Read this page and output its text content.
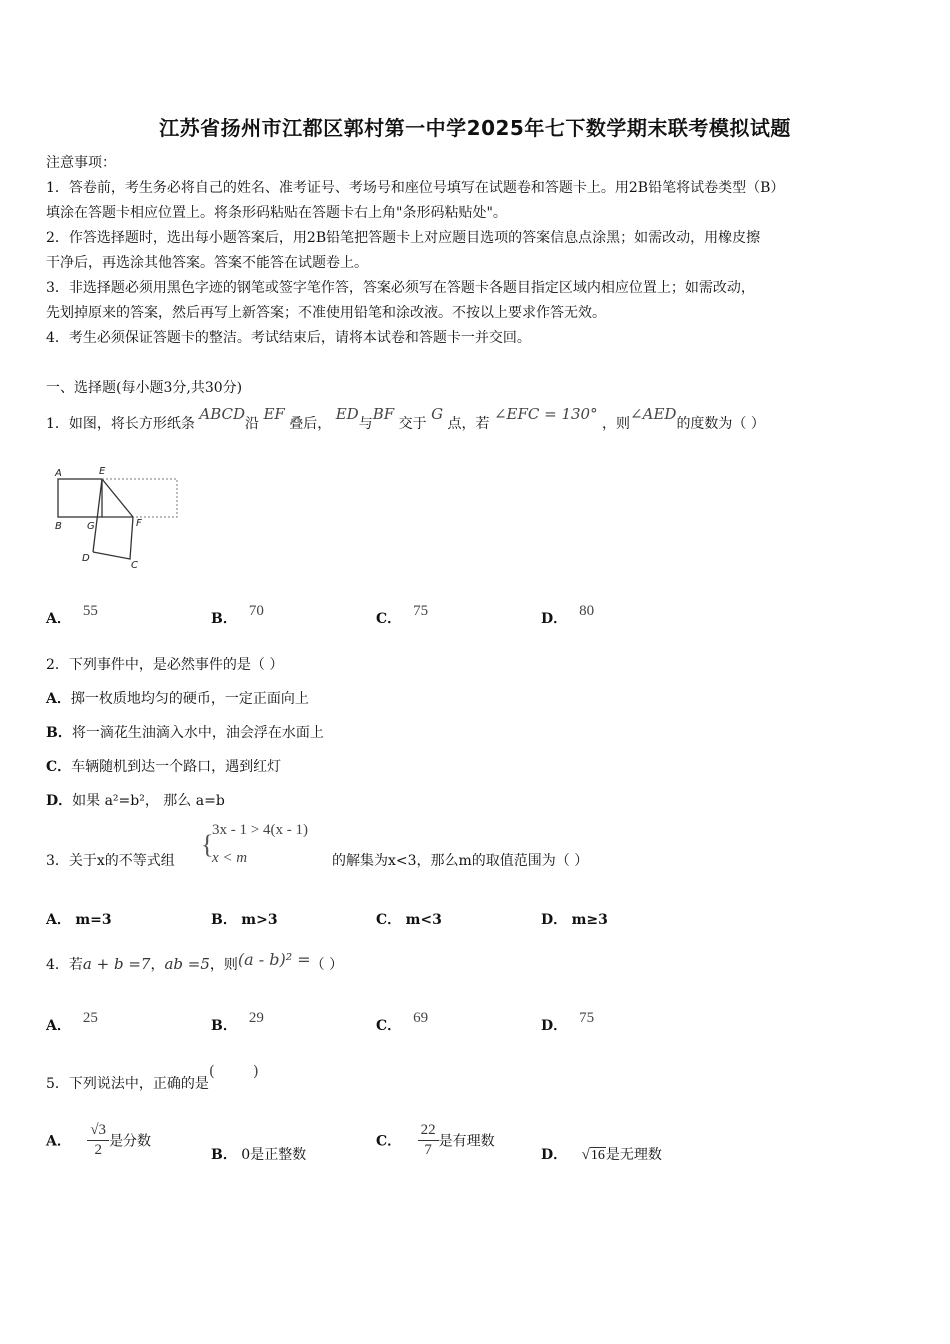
江苏省扬州市江都区郭村第一中学2025年七下数学期末联考模拟试题
注意事项：
1．答卷前，考生务必将自己的姓名、准考证号、考场号和座位号填写在试题卷和答题卡上。用2B铅笔将试卷类型（B）
填涂在答题卡相应位置上。将条形码粘贴在答题卡右上角"条形码粘贴处"。
2．作答选择题时，选出每小题答案后，用2B铅笔把答题卡上对应题目选项的答案信息点涂黑；如需改动，用橡皮擦
干净后，再选涂其他答案。答案不能答在试题卷上。
3．非选择题必须用黑色字迹的钢笔或签字笔作答，答案必须写在答题卡各题目指定区域内相应位置上；如需改动，
先划掉原来的答案，然后再写上新答案；不准使用铅笔和涂改液。不按以上要求作答无效。
4．考生必须保证答题卡的整洁。考试结束后，请将本试卷和答题卡一并交回。
一、选择题(每小题3分,共30分)
1．如图，将长方形纸条 ABCD沿 EF 叠后， ED与BF 交于 G 点，若 ∠EFC = 130° ，则∠AED的度数为（ ）
A	E
B	G	F
D
C
A． 55	B． 70	C． 75	D． 80
2．下列事件中，是必然事件的是（ ）
A．掷一枚质地均匀的硬币，一定正面向上
B．将一滴花生油滴入水中，油会浮在水面上
C．车辆随机到达一个路口，遇到红灯
D．如果 a²=b²， 那么 a=b
3．关于x的不等式组
{
3x - 1 > 4(x - 1)
x < m	的解集为x<3，那么m的取值范围为（ ）
A． m=3	B． m>3	C． m<3	D． m≥3
4．若a + b =7，ab =5，则(a - b)² =（ ）
A． 25	B． 29	C． 69	D． 75
5．下列说法中，正确的是(        )
A． $\frac{√3}{2}$ 是分数
B． 0是正整数
C． $\frac{22}{7}$ 是有理数
D． √16是无理数
